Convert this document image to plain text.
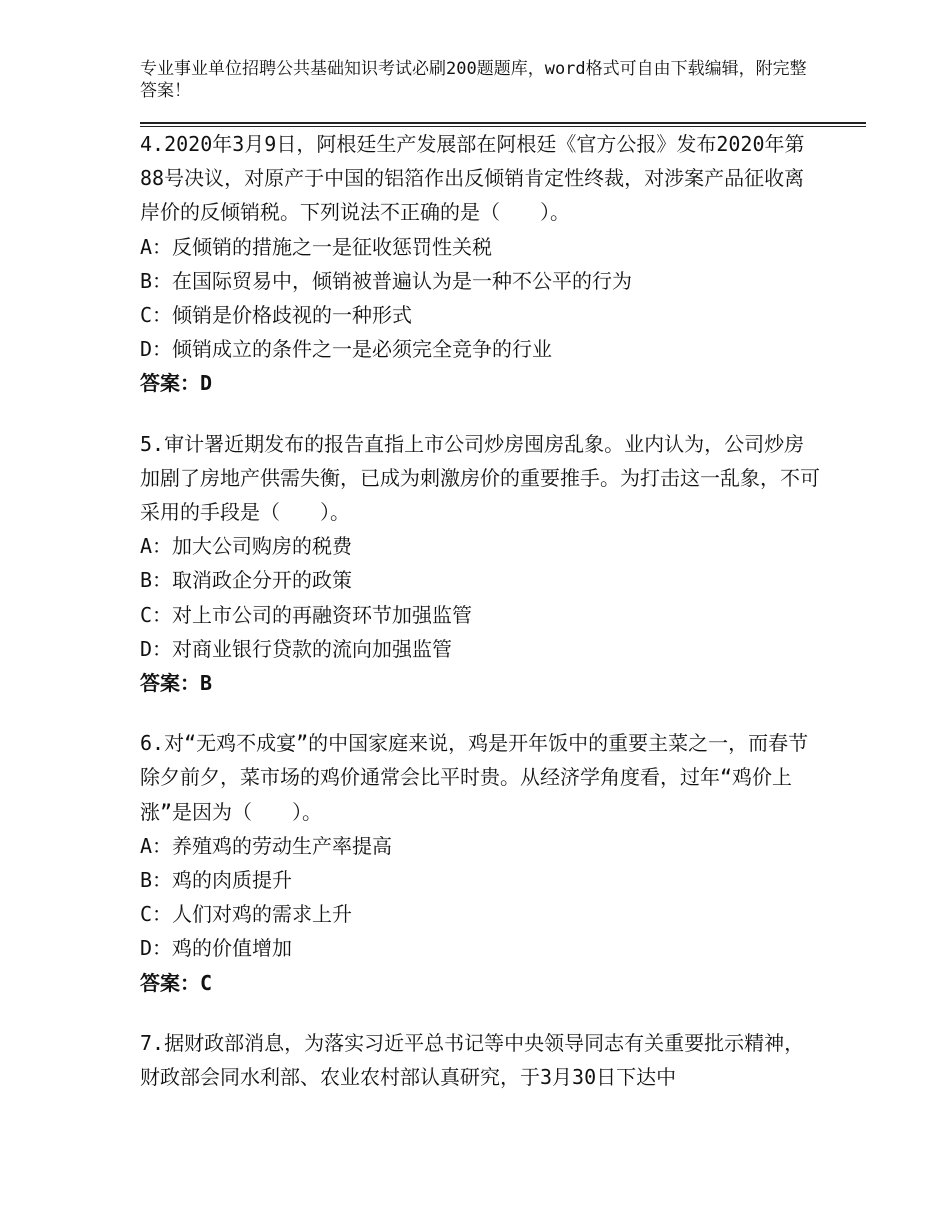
专业事业单位招聘公共基础知识考试必刷200题题库，word格式可自由下载编辑，附完整答案！

4.2020年3月9日，阿根廷生产发展部在阿根廷《官方公报》发布2020年第88号决议，对原产于中国的铝箔作出反倾销肯定性终裁，对涉案产品征收离岸价的反倾销税。下列说法不正确的是（　　）。

A：反倾销的措施之一是征收惩罚性关税

B：在国际贸易中，倾销被普遍认为是一种不公平的行为

C：倾销是价格歧视的一种形式

D：倾销成立的条件之一是必须完全竞争的行业

答案：D

5.审计署近期发布的报告直指上市公司炒房囤房乱象。业内认为，公司炒房加剧了房地产供需失衡，已成为刺激房价的重要推手。为打击这一乱象，不可采用的手段是（　　）。

A：加大公司购房的税费

B：取消政企分开的政策

C：对上市公司的再融资环节加强监管

D：对商业银行贷款的流向加强监管

答案：B

6.对“无鸡不成宴”的中国家庭来说，鸡是开年饭中的重要主菜之一，而春节除夕前夕，菜市场的鸡价通常会比平时贵。从经济学角度看，过年“鸡价上涨”是因为（　　）。

A：养殖鸡的劳动生产率提高

B：鸡的肉质提升

C：人们对鸡的需求上升

D：鸡的价值增加

答案：C

7.据财政部消息，为落实习近平总书记等中央领导同志有关重要批示精神，财政部会同水利部、农业农村部认真研究，于3月30日下达中
